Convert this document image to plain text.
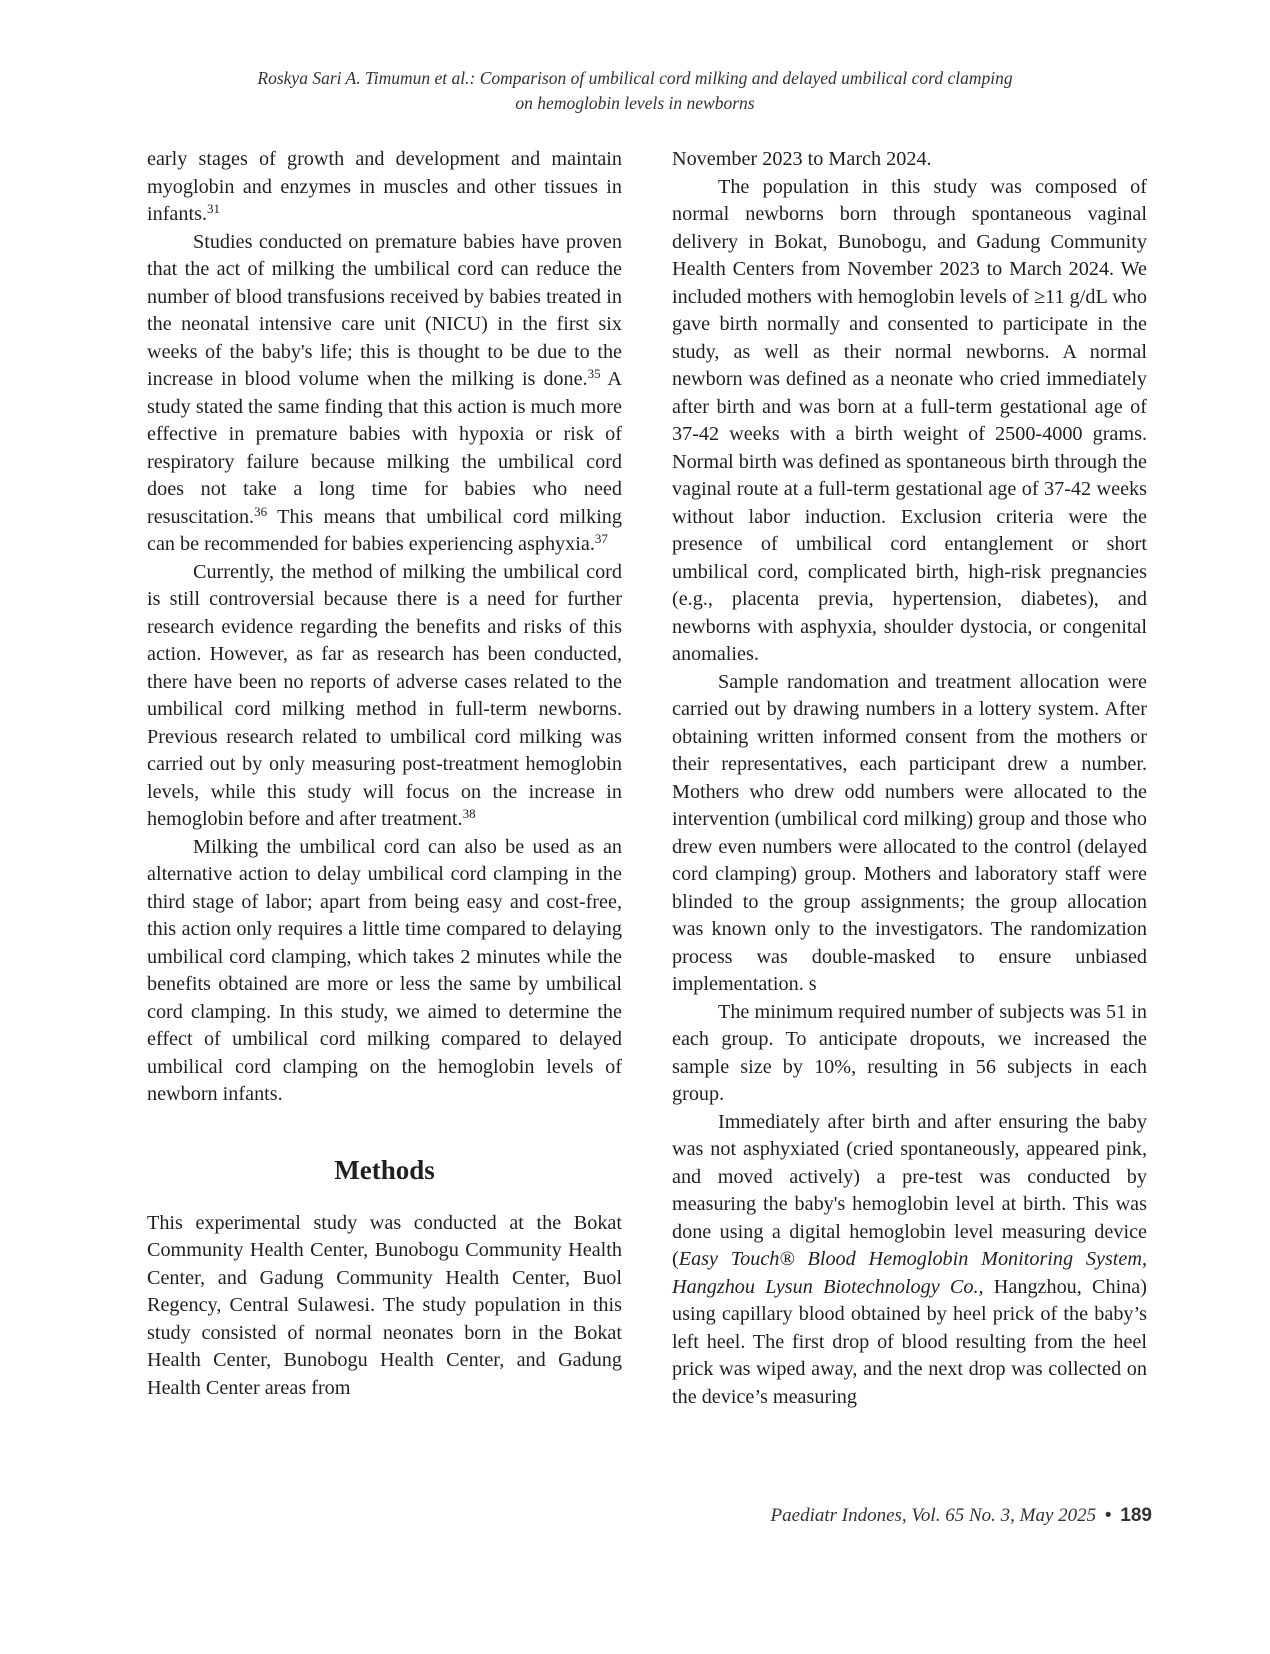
Roskya Sari A. Timumun et al.: Comparison of umbilical cord milking and delayed umbilical cord clamping
on hemoglobin levels in newborns

early stages of growth and development and maintain myoglobin and enzymes in muscles and other tissues in infants.$^{31}$

Studies conducted on premature babies have proven that the act of milking the umbilical cord can reduce the number of blood transfusions received by babies treated in the neonatal intensive care unit (NICU) in the first six weeks of the baby's life; this is thought to be due to the increase in blood volume when the milking is done.$^{35}$ A study stated the same finding that this action is much more effective in premature babies with hypoxia or risk of respiratory failure because milking the umbilical cord does not take a long time for babies who need resuscitation.$^{36}$ This means that umbilical cord milking can be recommended for babies experiencing asphyxia.$^{37}$

Currently, the method of milking the umbilical cord is still controversial because there is a need for further research evidence regarding the benefits and risks of this action. However, as far as research has been conducted, there have been no reports of adverse cases related to the umbilical cord milking method in full-term newborns. Previous research related to umbilical cord milking was carried out by only measuring post-treatment hemoglobin levels, while this study will focus on the increase in hemoglobin before and after treatment.$^{38}$

Milking the umbilical cord can also be used as an alternative action to delay umbilical cord clamping in the third stage of labor; apart from being easy and cost-free, this action only requires a little time compared to delaying umbilical cord clamping, which takes 2 minutes while the benefits obtained are more or less the same by umbilical cord clamping. In this study, we aimed to determine the effect of umbilical cord milking compared to delayed umbilical cord clamping on the hemoglobin levels of newborn infants.

Methods

This experimental study was conducted at the Bokat Community Health Center, Bunobogu Community Health Center, and Gadung Community Health Center, Buol Regency, Central Sulawesi. The study population in this study consisted of normal neonates born in the Bokat Health Center, Bunobogu Health Center, and Gadung Health Center areas from

November 2023 to March 2024.

The population in this study was composed of normal newborns born through spontaneous vaginal delivery in Bokat, Bunobogu, and Gadung Community Health Centers from November 2023 to March 2024. We included mothers with hemoglobin levels of ≥11 g/dL who gave birth normally and consented to participate in the study, as well as their normal newborns. A normal newborn was defined as a neonate who cried immediately after birth and was born at a full-term gestational age of 37-42 weeks with a birth weight of 2500-4000 grams. Normal birth was defined as spontaneous birth through the vaginal route at a full-term gestational age of 37-42 weeks without labor induction. Exclusion criteria were the presence of umbilical cord entanglement or short umbilical cord, complicated birth, high-risk pregnancies (e.g., placenta previa, hypertension, diabetes), and newborns with asphyxia, shoulder dystocia, or congenital anomalies.

Sample randomation and treatment allocation were carried out by drawing numbers in a lottery system. After obtaining written informed consent from the mothers or their representatives, each participant drew a number. Mothers who drew odd numbers were allocated to the intervention (umbilical cord milking) group and those who drew even numbers were allocated to the control (delayed cord clamping) group. Mothers and laboratory staff were blinded to the group assignments; the group allocation was known only to the investigators. The randomization process was double-masked to ensure unbiased implementation. s

The minimum required number of subjects was 51 in each group. To anticipate dropouts, we increased the sample size by 10%, resulting in 56 subjects in each group.

Immediately after birth and after ensuring the baby was not asphyxiated (cried spontaneously, appeared pink, and moved actively) a pre-test was conducted by measuring the baby's hemoglobin level at birth. This was done using a digital hemoglobin level measuring device (Easy Touch® Blood Hemoglobin Monitoring System, Hangzhou Lysun Biotechnology Co., Hangzhou, China) using capillary blood obtained by heel prick of the baby’s left heel. The first drop of blood resulting from the heel prick was wiped away, and the next drop was collected on the device’s measuring

Paediatr Indones, Vol. 65 No. 3, May 2025 • 189
